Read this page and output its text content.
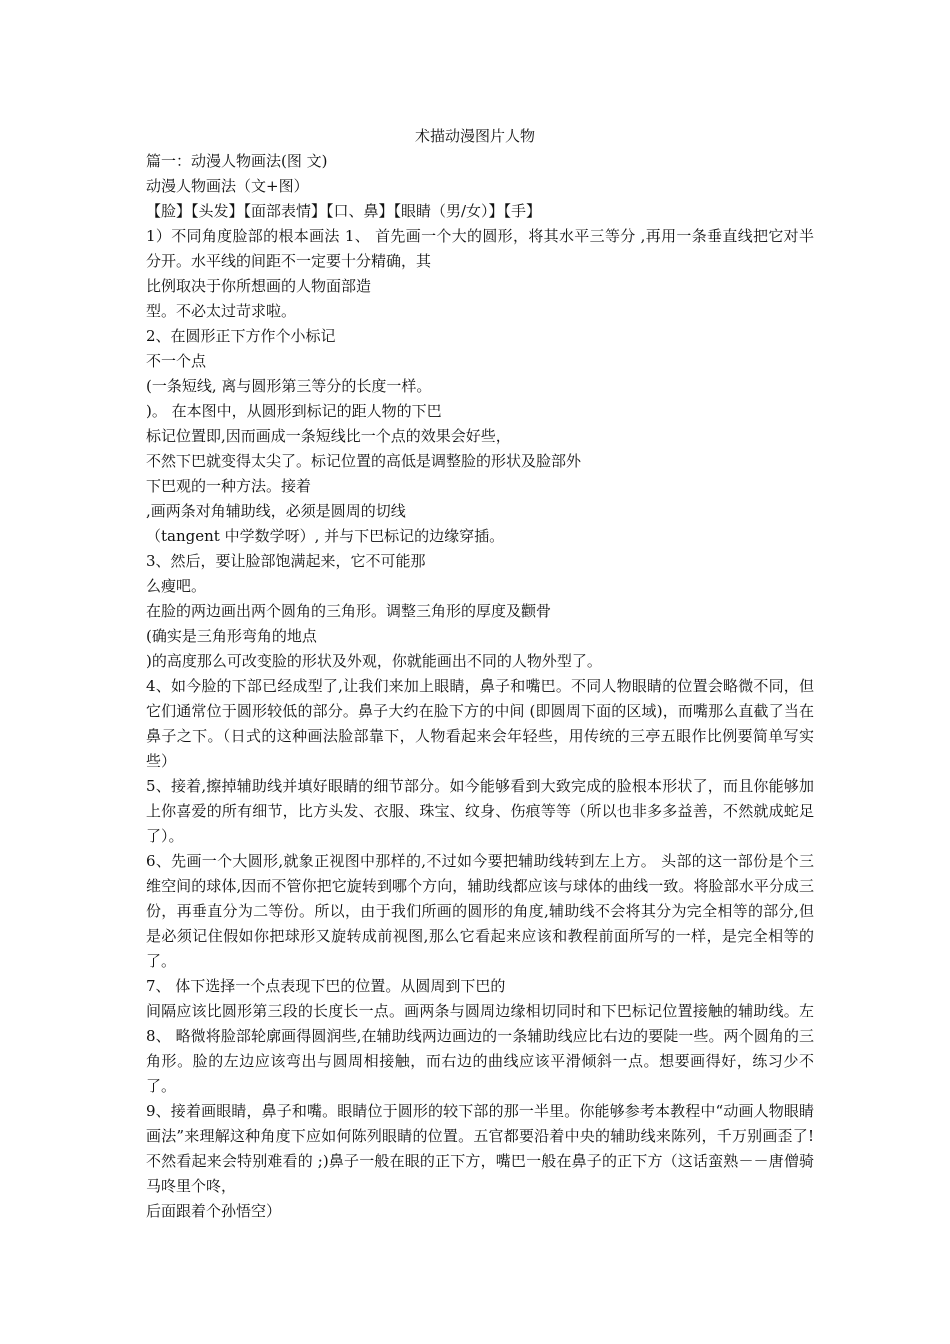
术描动漫图片人物

篇一：动漫人物画法(图 文)

动漫人物画法（文+图）

【脸】【头发】【面部表情】【口、鼻】【眼睛（男/女）】【手】

1）不同角度脸部的根本画法 1、 首先画一个大的圆形，将其水平三等分 ,再用一条垂直线把它对半分开。水平线的间距不一定要十分精确，其

比例取决于你所想画的人物面部造

型。不必太过苛求啦。

2、在圆形正下方作个小标记

不一个点

(一条短线, 离与圆形第三等分的长度一样。

)。 在本图中，从圆形到标记的距人物的下巴

标记位置即,因而画成一条短线比一个点的效果会好些，

不然下巴就变得太尖了。标记位置的高低是调整脸的形状及脸部外

下巴观的一种方法。接着

,画两条对角辅助线，必须是圆周的切线

（tangent 中学数学呀）, 并与下巴标记的边缘穿插。

3、然后，要让脸部饱满起来，它不可能那

么瘦吧。

在脸的两边画出两个圆角的三角形。调整三角形的厚度及颧骨

(确实是三角形弯角的地点

)的高度那么可改变脸的形状及外观，你就能画出不同的人物外型了。

4、如今脸的下部已经成型了,让我们来加上眼睛，鼻子和嘴巴。不同人物眼睛的位置会略微不同，但它们通常位于圆形较低的部分。鼻子大约在脸下方的中间 (即圆周下面的区域)，而嘴那么直截了当在鼻子之下。（日式的这种画法脸部靠下，人物看起来会年轻些，用传统的三亭五眼作比例要简单写实些）

5、接着,擦掉辅助线并填好眼睛的细节部分。如今能够看到大致完成的脸根本形状了，而且你能够加上你喜爱的所有细节，比方头发、衣服、珠宝、纹身、伤痕等等（所以也非多多益善，不然就成蛇足了）。

6、先画一个大圆形,就象正视图中那样的,不过如今要把辅助线转到左上方。 头部的这一部份是个三维空间的球体,因而不管你把它旋转到哪个方向，辅助线都应该与球体的曲线一致。将脸部水平分成三份，再垂直分为二等份。所以，由于我们所画的圆形的角度,辅助线不会将其分为完全相等的部分,但是必须记住假如你把球形又旋转成前视图,那么它看起来应该和教程前面所写的一样，是完全相等的了。

7、 体下选择一个点表现下巴的位置。从圆周到下巴的

间隔应该比圆形第三段的长度长一点。画两条与圆周边缘相切同时和下巴标记位置接触的辅助线。左 8、 略微将脸部轮廓画得圆润些,在辅助线两边画边的一条辅助线应比右边的要陡一些。两个圆角的三角形。脸的左边应该弯出与圆周相接触，而右边的曲线应该平滑倾斜一点。想要画得好，练习少不了。

9、接着画眼睛，鼻子和嘴。眼睛位于圆形的较下部的那一半里。你能够参考本教程中“动画人物眼睛画法”来理解这种角度下应如何陈列眼睛的位置。五官都要沿着中央的辅助线来陈列，千万别画歪了!不然看起来会特别难看的 ;)鼻子一般在眼的正下方，嘴巴一般在鼻子的正下方（这话蛮熟－－唐僧骑马咚里个咚，

后面跟着个孙悟空）
